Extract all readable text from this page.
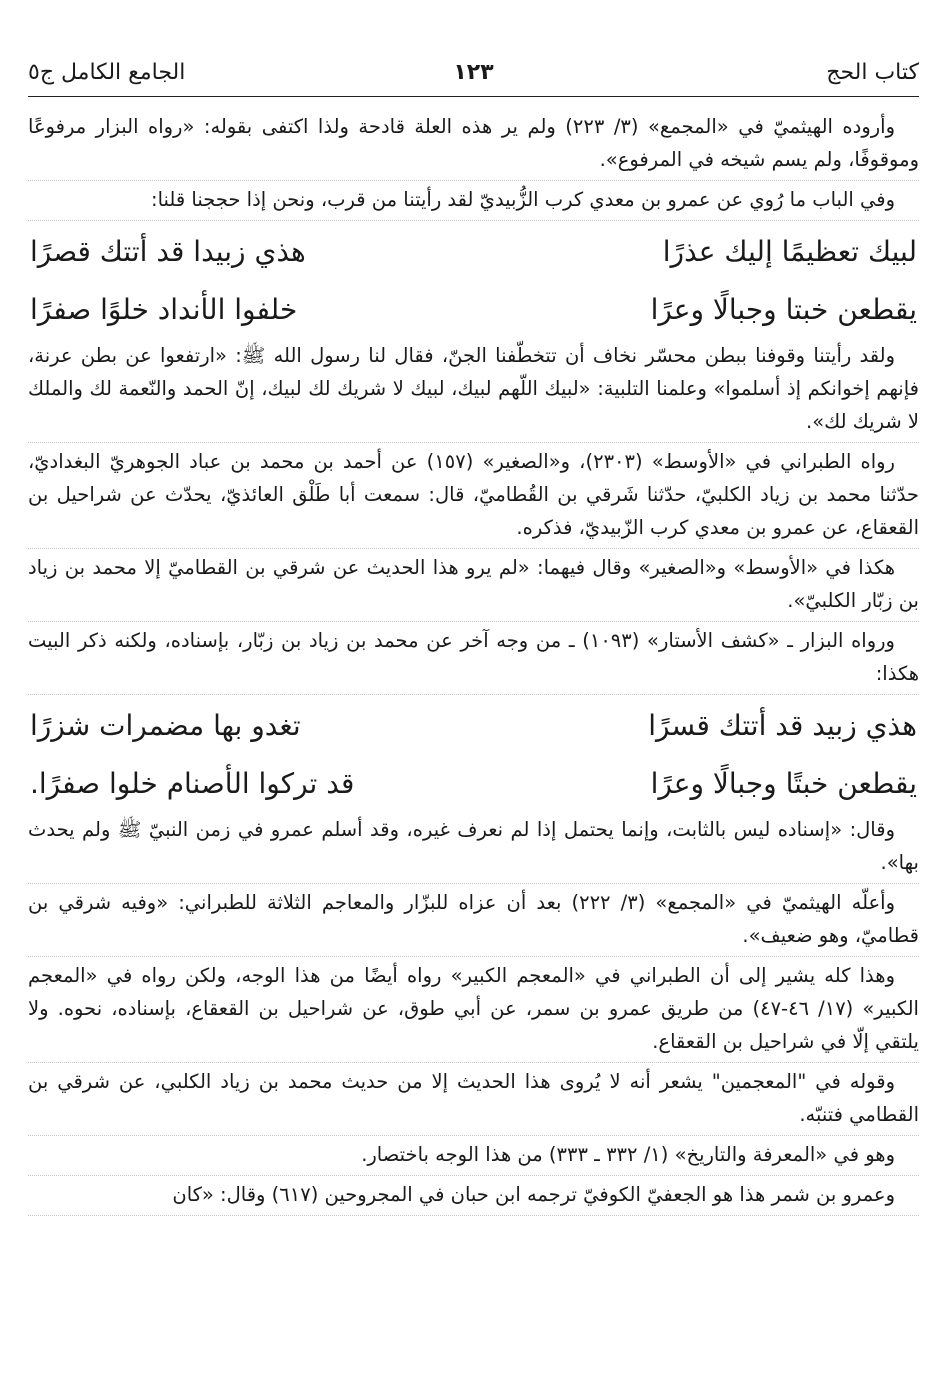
كتاب الحج
١٢٣
الجامع الكامل ج٥

وأروده الهيثميّ في «المجمع» (٣/ ٢٢٣) ولم ير هذه العلة قادحة ولذا اكتفى بقوله: «رواه البزار مرفوعًا وموقوفًا، ولم يسم شيخه في المرفوع».

وفي الباب ما رُوي عن عمرو بن معدي كرب الزُّبيديّ لقد رأيتنا من قرب، ونحن إذا حججنا قلنا:

لبيك تعظيمًا إليك عذرًا
هذي زبيدا قد أتتك قصرًا
يقطعن خبتا وجبالًا وعرًا
خلفوا الأنداد خلوًا صفرًا

ولقد رأيتنا وقوفنا ببطن محسّر نخاف أن تتخطّفنا الجنّ، فقال لنا رسول الله ﷺ: «ارتفعوا عن بطن عرنة، فإنهم إخوانكم إذ أسلموا» وعلمنا التلبية: «لبيك اللّهم لبيك، لبيك لا شريك لك لبيك، إنّ الحمد والنّعمة لك والملك لا شريك لك».

رواه الطبراني في «الأوسط» (٢٣٠٣)، و«الصغير» (١٥٧) عن أحمد بن محمد بن عباد الجوهريّ البغداديّ، حدّثنا محمد بن زياد الكلبيّ، حدّثنا شَرقي بن القُطاميّ، قال: سمعت أبا طَلْق العائذيّ، يحدّث عن شراحيل بن القعقاع، عن عمرو بن معدي كرب الزّبيديّ، فذكره.

هكذا في «الأوسط» و«الصغير» وقال فيهما: «لم يرو هذا الحديث عن شرقي بن القطاميّ إلا محمد بن زياد بن زبّار الكلبيّ».

ورواه البزار ـ «كشف الأستار» (١٠٩٣) ـ من وجه آخر عن محمد بن زياد بن زبّار، بإسناده، ولكنه ذكر البيت هكذا:

هذي زبيد قد أتتك قسرًا
تغدو بها مضمرات شزرًا
يقطعن خبتًا وجبالًا وعرًا
قد تركوا الأصنام خلوا صفرًا.

وقال: «إسناده ليس بالثابت، وإنما يحتمل إذا لم نعرف غيره، وقد أسلم عمرو في زمن النبيّ ﷺ ولم يحدث بها».

وأعلّه الهيثميّ في «المجمع» (٣/ ٢٢٢) بعد أن عزاه للبزّار والمعاجم الثلاثة للطبراني: «وفيه شرقي بن قطاميّ، وهو ضعيف».

وهذا كله يشير إلى أن الطبراني في «المعجم الكبير» رواه أيضًا من هذا الوجه، ولكن رواه في «المعجم الكبير» (١٧/ ٤٦-٤٧) من طريق عمرو بن سمر، عن أبي طوق، عن شراحيل بن القعقاع، بإسناده، نحوه. ولا يلتقي إلّا في شراحيل بن القعقاع.

وقوله في "المعجمين" يشعر أنه لا يُروى هذا الحديث إلا من حديث محمد بن زياد الكلبي، عن شرقي بن القطامي فتنبّه.

وهو في «المعرفة والتاريخ» (١/ ٣٣٢ ـ ٣٣٣) من هذا الوجه باختصار.

وعمرو بن شمر هذا هو الجعفيّ الكوفيّ ترجمه ابن حبان في المجروحين (٦١٧) وقال: «كان
